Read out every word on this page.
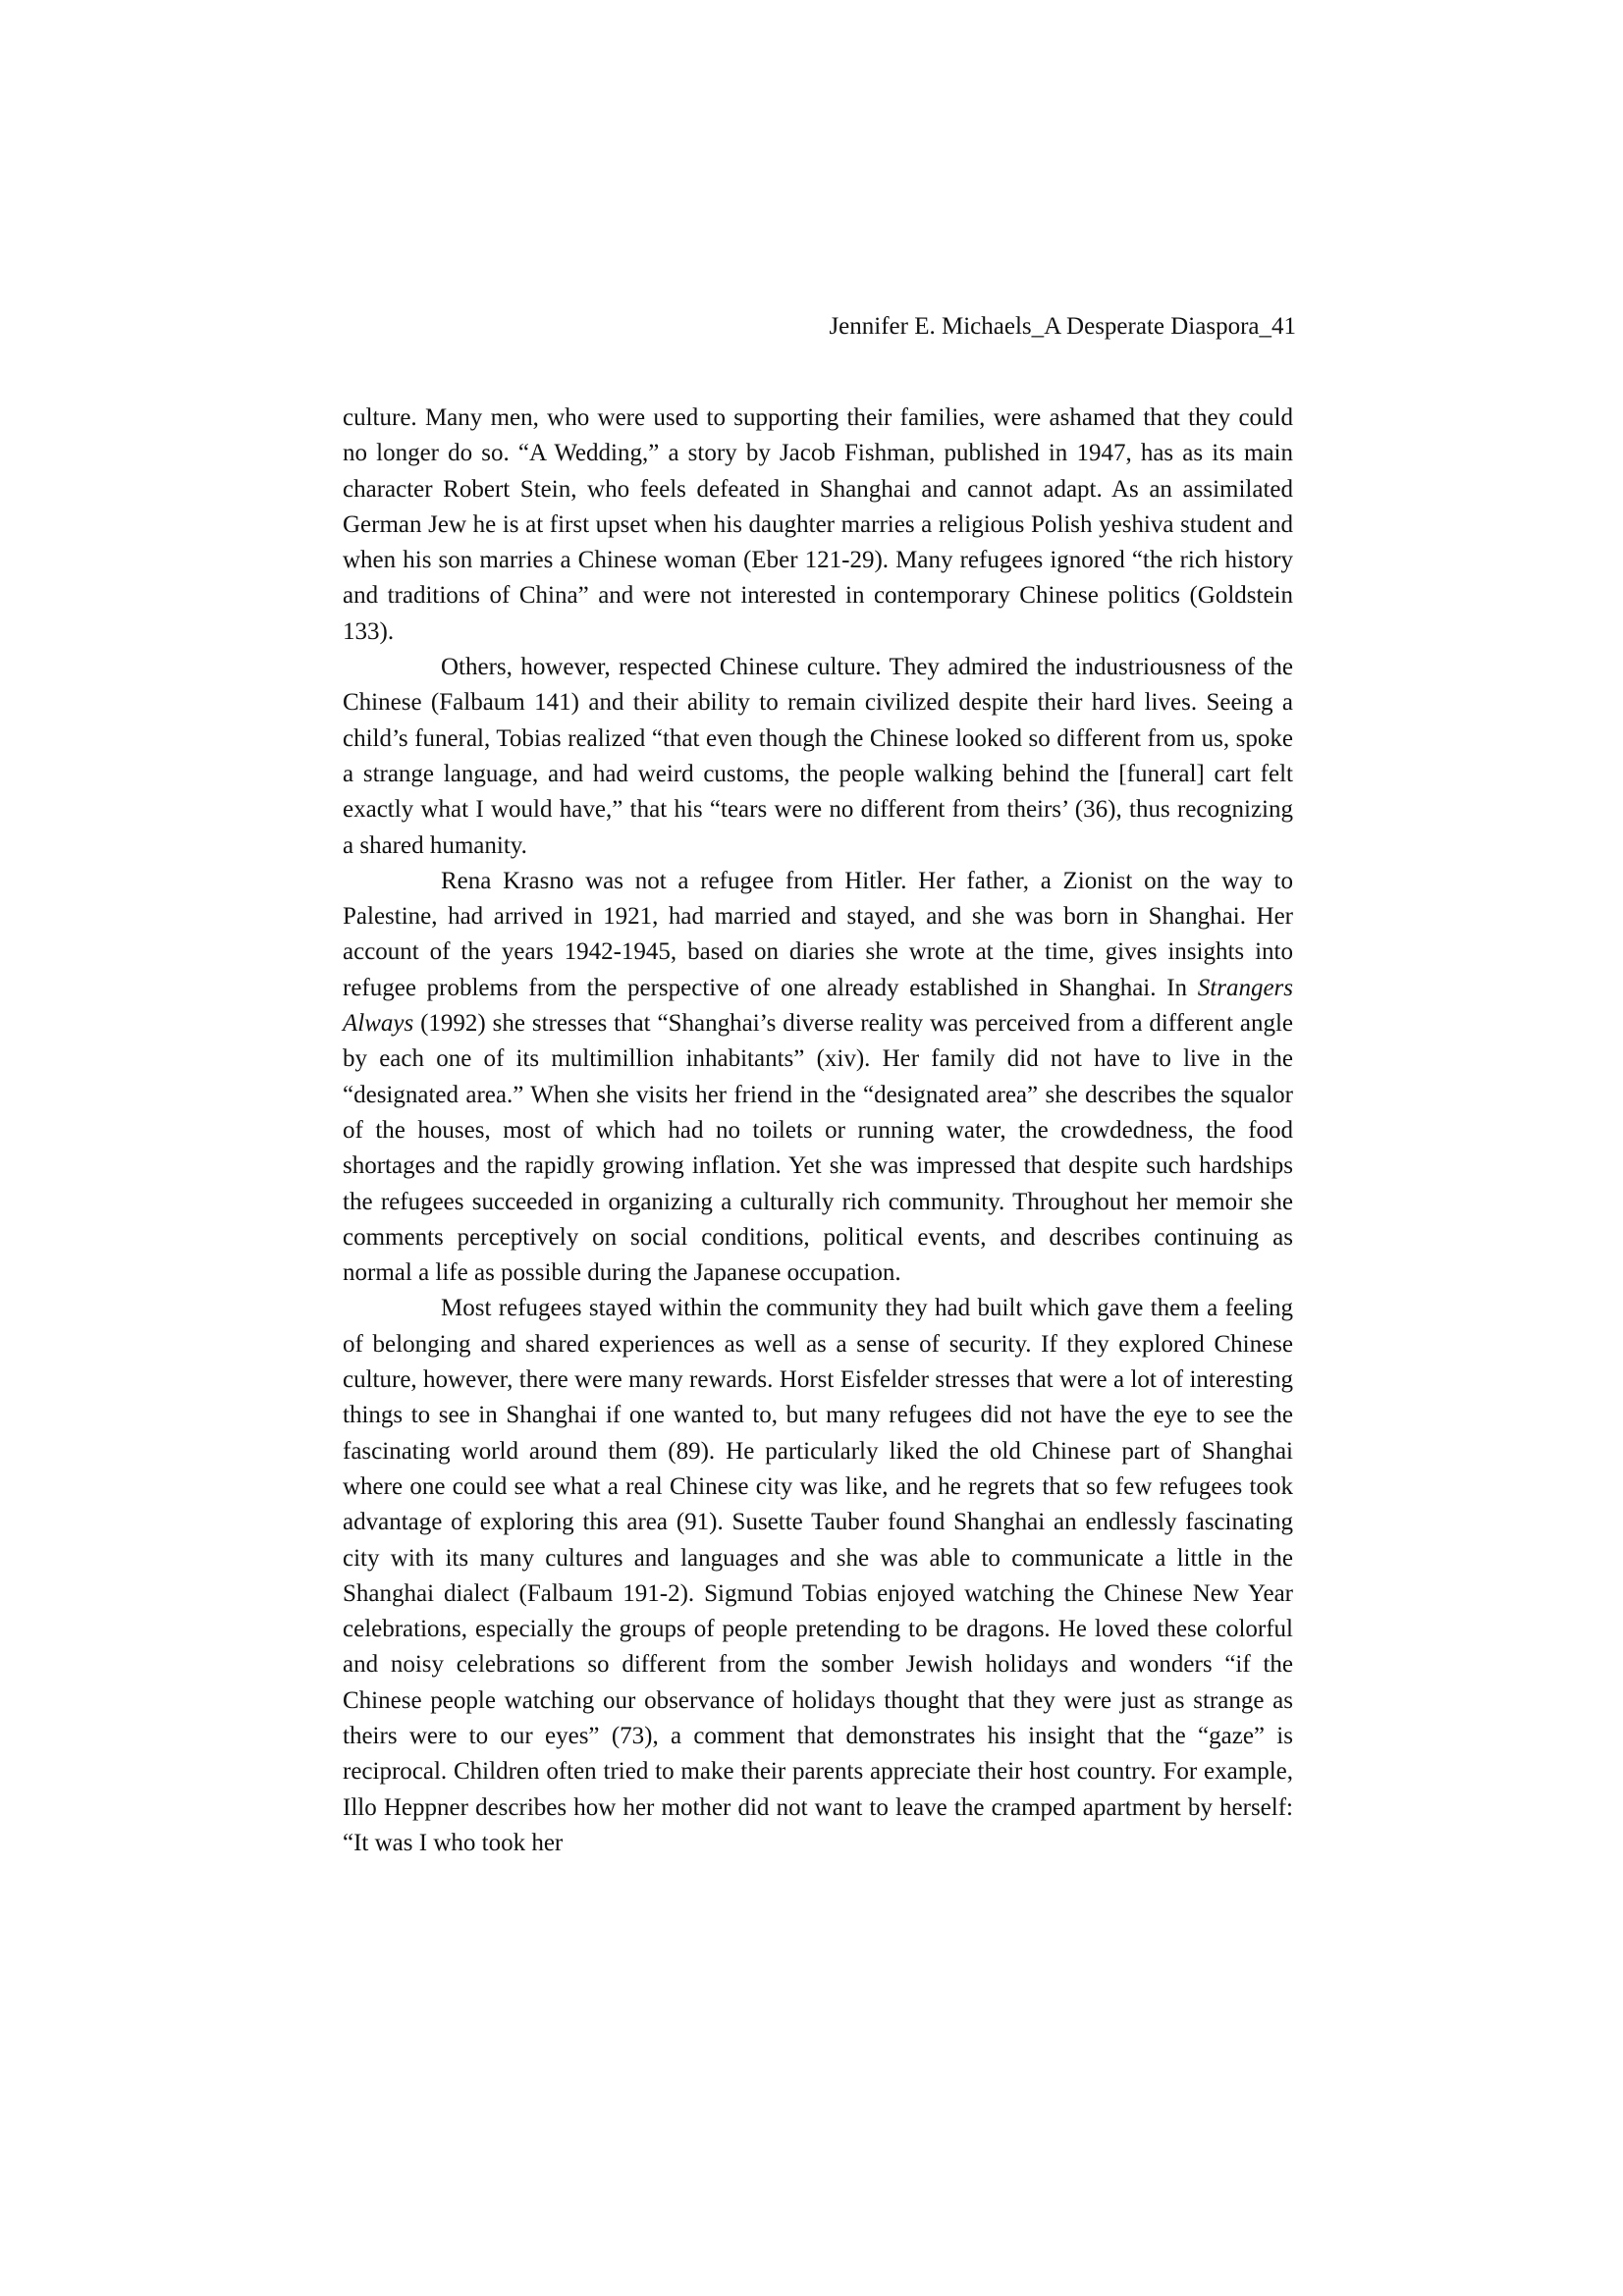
Jennifer E. Michaels_A Desperate Diaspora_41

culture. Many men, who were used to supporting their families, were ashamed that they could no longer do so. “A Wedding,” a story by Jacob Fishman, published in 1947, has as its main character Robert Stein, who feels defeated in Shanghai and cannot adapt. As an assimilated German Jew he is at first upset when his daughter marries a religious Polish yeshiva student and when his son marries a Chinese woman (Eber 121-29). Many refugees ignored “the rich history and traditions of China” and were not interested in contemporary Chinese politics (Goldstein 133).

Others, however, respected Chinese culture. They admired the industriousness of the Chinese (Falbaum 141) and their ability to remain civilized despite their hard lives. Seeing a child’s funeral, Tobias realized “that even though the Chinese looked so different from us, spoke a strange language, and had weird customs, the people walking behind the [funeral] cart felt exactly what I would have,” that his “tears were no different from theirs’ (36), thus recognizing a shared humanity.

Rena Krasno was not a refugee from Hitler. Her father, a Zionist on the way to Palestine, had arrived in 1921, had married and stayed, and she was born in Shanghai. Her account of the years 1942-1945, based on diaries she wrote at the time, gives insights into refugee problems from the perspective of one already established in Shanghai. In Strangers Always (1992) she stresses that “Shanghai’s diverse reality was perceived from a different angle by each one of its multimillion inhabitants” (xiv). Her family did not have to live in the “designated area.” When she visits her friend in the “designated area” she describes the squalor of the houses, most of which had no toilets or running water, the crowdedness, the food shortages and the rapidly growing inflation. Yet she was impressed that despite such hardships the refugees succeeded in organizing a culturally rich community. Throughout her memoir she comments perceptively on social conditions, political events, and describes continuing as normal a life as possible during the Japanese occupation.

Most refugees stayed within the community they had built which gave them a feeling of belonging and shared experiences as well as a sense of security. If they explored Chinese culture, however, there were many rewards. Horst Eisfelder stresses that were a lot of interesting things to see in Shanghai if one wanted to, but many refugees did not have the eye to see the fascinating world around them (89). He particularly liked the old Chinese part of Shanghai where one could see what a real Chinese city was like, and he regrets that so few refugees took advantage of exploring this area (91). Susette Tauber found Shanghai an endlessly fascinating city with its many cultures and languages and she was able to communicate a little in the Shanghai dialect (Falbaum 191-2). Sigmund Tobias enjoyed watching the Chinese New Year celebrations, especially the groups of people pretending to be dragons. He loved these colorful and noisy celebrations so different from the somber Jewish holidays and wonders “if the Chinese people watching our observance of holidays thought that they were just as strange as theirs were to our eyes” (73), a comment that demonstrates his insight that the “gaze” is reciprocal. Children often tried to make their parents appreciate their host country. For example, Illo Heppner describes how her mother did not want to leave the cramped apartment by herself: “It was I who took her
